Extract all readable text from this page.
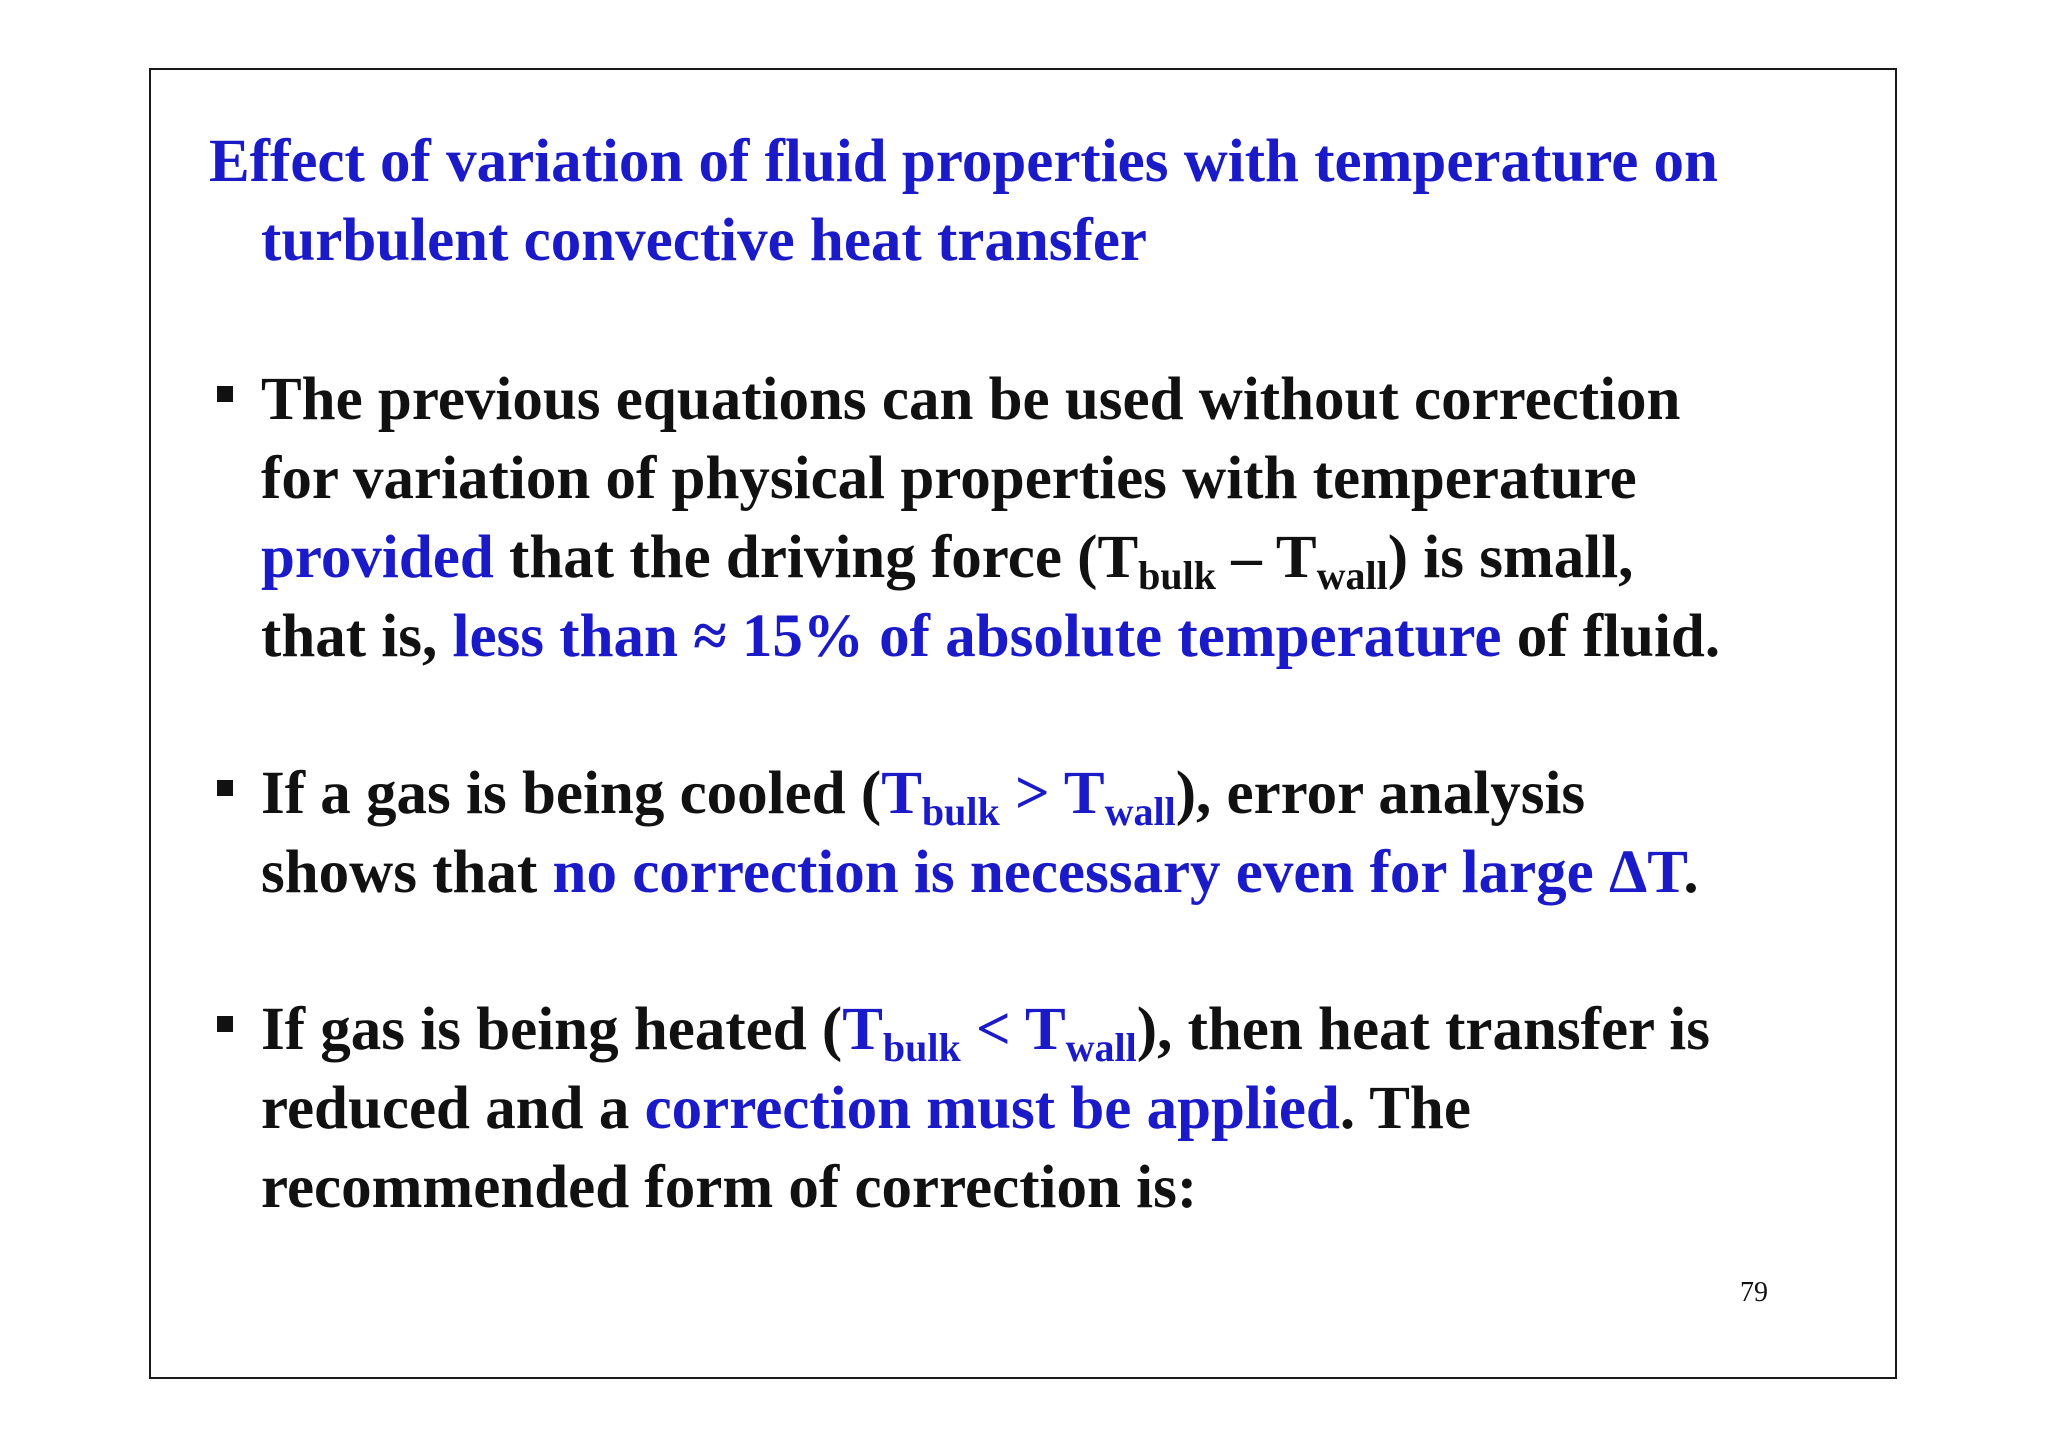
Effect of variation of fluid properties with temperature on

turbulent convective heat transfer
The previous equations can be used without correction
for variation of physical properties with temperature
provided that the driving force $(T_{bulk} - T_{wall})$ is small,
that is, less than ≈ 15% of absolute temperature of fluid.
If a gas is being cooled $(T_{bulk} > T_{wall})$, error analysis
shows that no correction is necessary even for large ΔT.
If gas is being heated $(T_{bulk} < T_{wall})$, then heat transfer is
reduced and a correction must be applied. The
recommended form of correction is:
79
